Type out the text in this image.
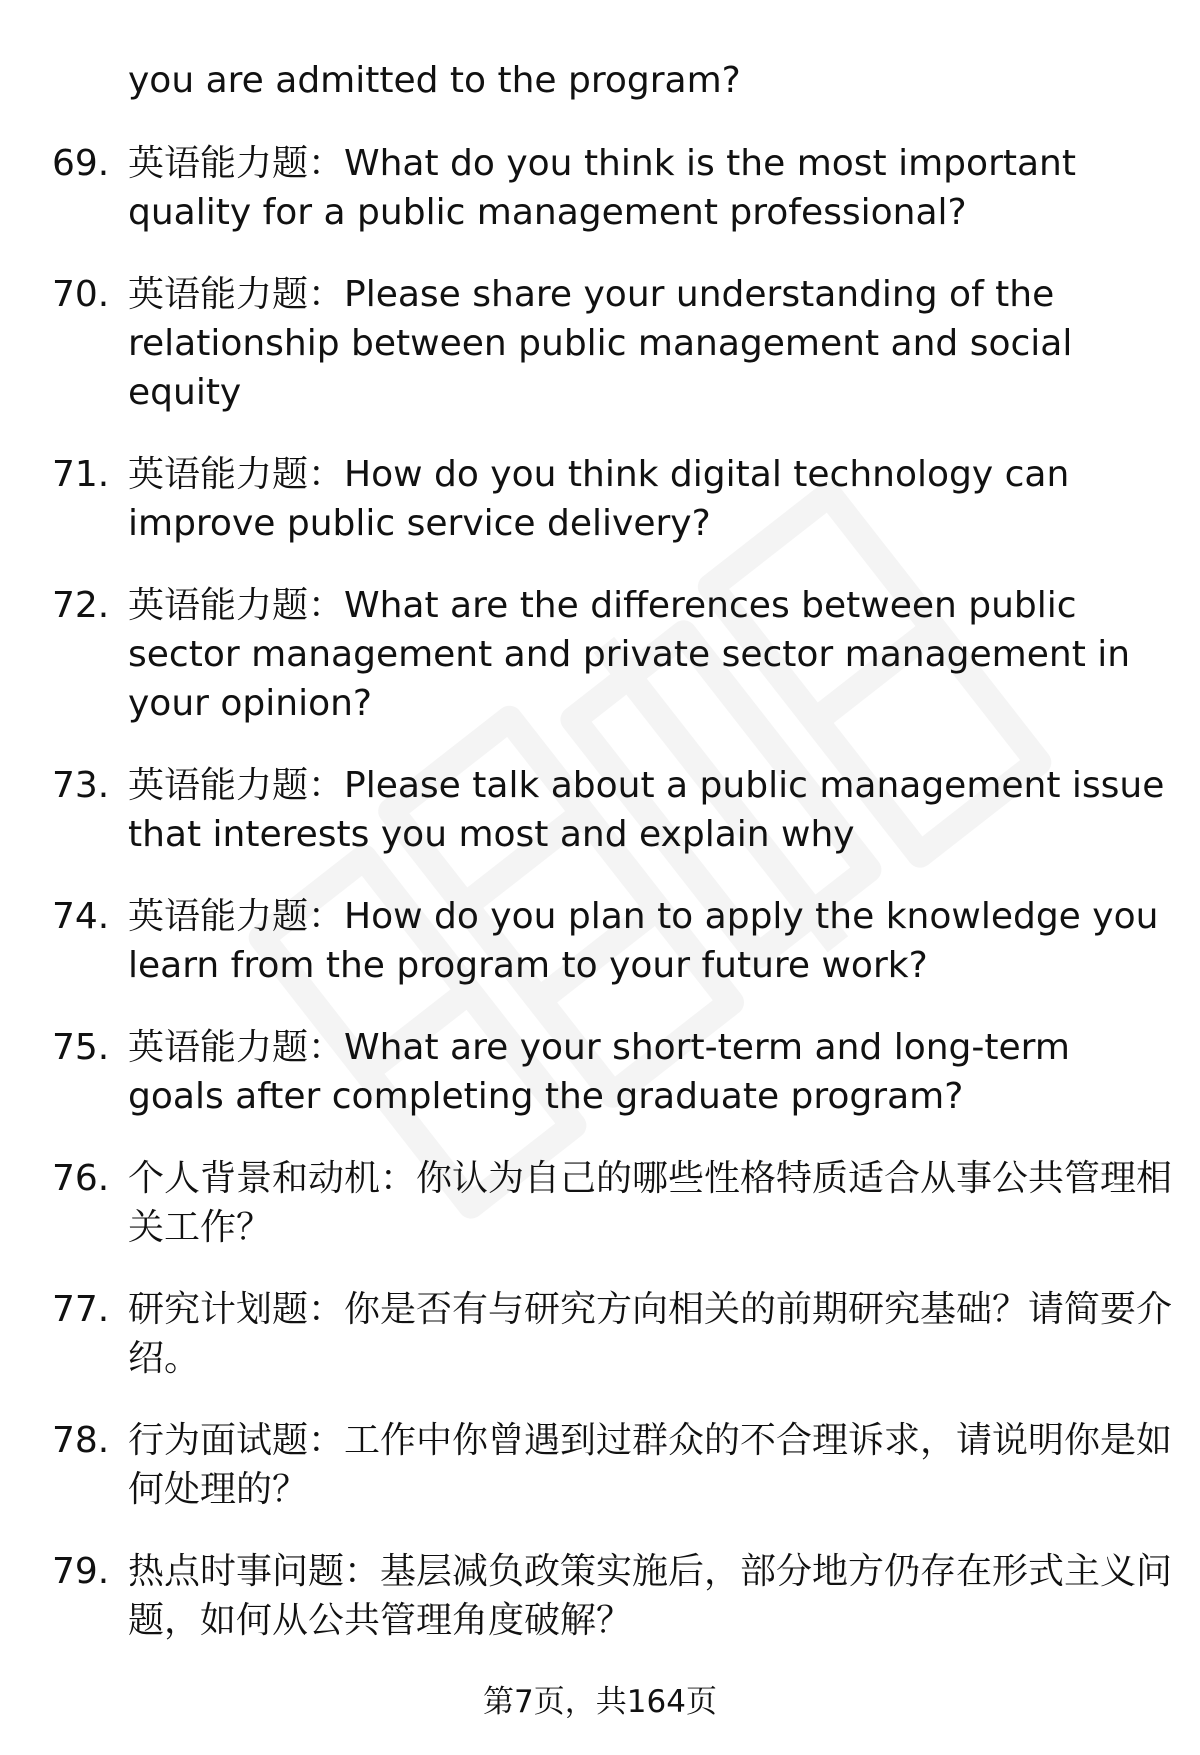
you are admitted to the program?
69. 英语能力题：What do you think is the most important quality for a public management professional?
70. 英语能力题：Please share your understanding of the relationship between public management and social equity
71. 英语能力题：How do you think digital technology can improve public service delivery?
72. 英语能力题：What are the differences between public sector management and private sector management in your opinion?
73. 英语能力题：Please talk about a public management issue that interests you most and explain why
74. 英语能力题：How do you plan to apply the knowledge you learn from the program to your future work?
75. 英语能力题：What are your short-term and long-term goals after completing the graduate program?
76. 个人背景和动机：你认为自己的哪些性格特质适合从事公共管理相关工作？
77. 研究计划题：你是否有与研究方向相关的前期研究基础？请简要介绍。
78. 行为面试题：工作中你曾遇到过群众的不合理诉求，请说明你是如何处理的？
79. 热点时事问题：基层减负政策实施后，部分地方仍存在形式主义问题，如何从公共管理角度破解？
第7页，共164页
